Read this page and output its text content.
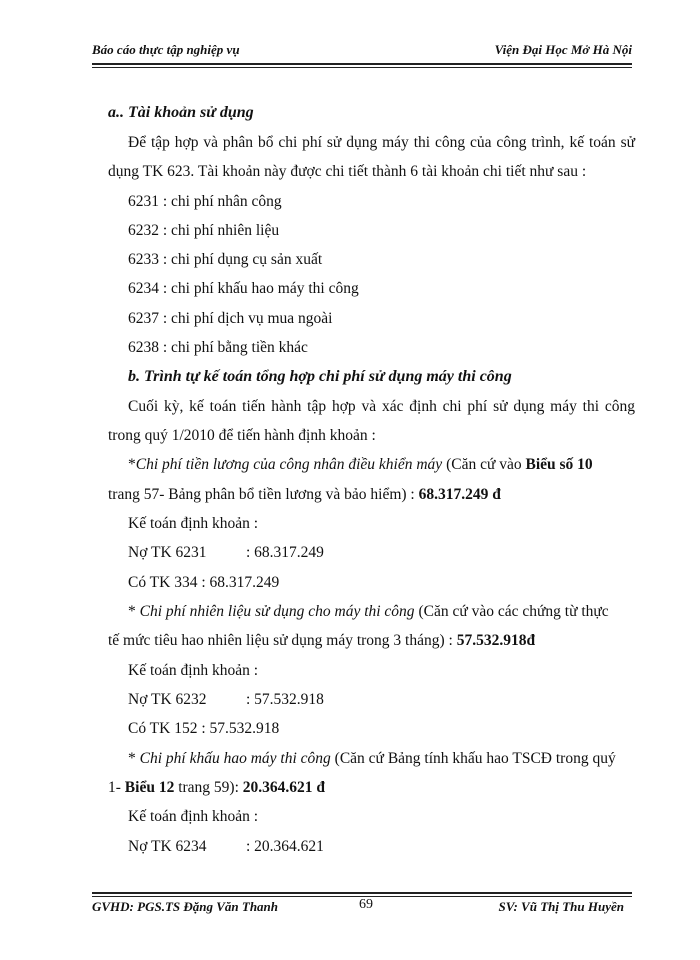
Báo cáo thực tập nghiệp vụ	Viện Đại Học Mở Hà Nội
a.. Tài khoản sử dụng
Để tập hợp và phân bổ chi phí sử dụng máy thi công của công trình, kế toán sử
dụng TK 623. Tài khoản này được chi tiết thành 6 tài khoản chi tiết như sau :
6231 : chi phí nhân công
6232 : chi phí nhiên liệu
6233 : chi phí dụng cụ sản xuất
6234 : chi phí khấu hao máy thi công
6237 : chi phí dịch vụ mua ngoài
6238 : chi phí bằng tiền khác
b. Trình tự kế toán tổng hợp chi phí sử dụng máy thi công
Cuối kỳ, kế toán tiến hành tập hợp và xác định chi phí sử dụng máy thi công
trong quý 1/2010 để tiến hành định khoản :
*Chi phí tiền lương của công nhân điều khiển máy (Căn cứ vào Biểu số 10
trang 57- Bảng phân bổ tiền lương và bảo hiểm) : 68.317.249 đ
Kế toán định khoản :
Nợ TK 6231	: 68.317.249
Có TK 334 : 68.317.249
* Chi phí nhiên liệu sử dụng cho máy thi công (Căn cứ vào các chứng từ thực
tế mức tiêu hao nhiên liệu sử dụng máy trong 3 tháng) : 57.532.918đ
Kế toán định khoản :
Nợ TK 6232	: 57.532.918
Có TK 152 : 57.532.918
* Chi phí khấu hao máy thi công (Căn cứ Bảng tính khấu hao TSCĐ trong quý
1- Biểu 12 trang 59): 20.364.621 đ
Kế toán định khoản :
Nợ TK 6234	: 20.364.621
GVHD: PGS.TS Đặng Văn Thanh	69	SV: Vũ Thị Thu Huyền
